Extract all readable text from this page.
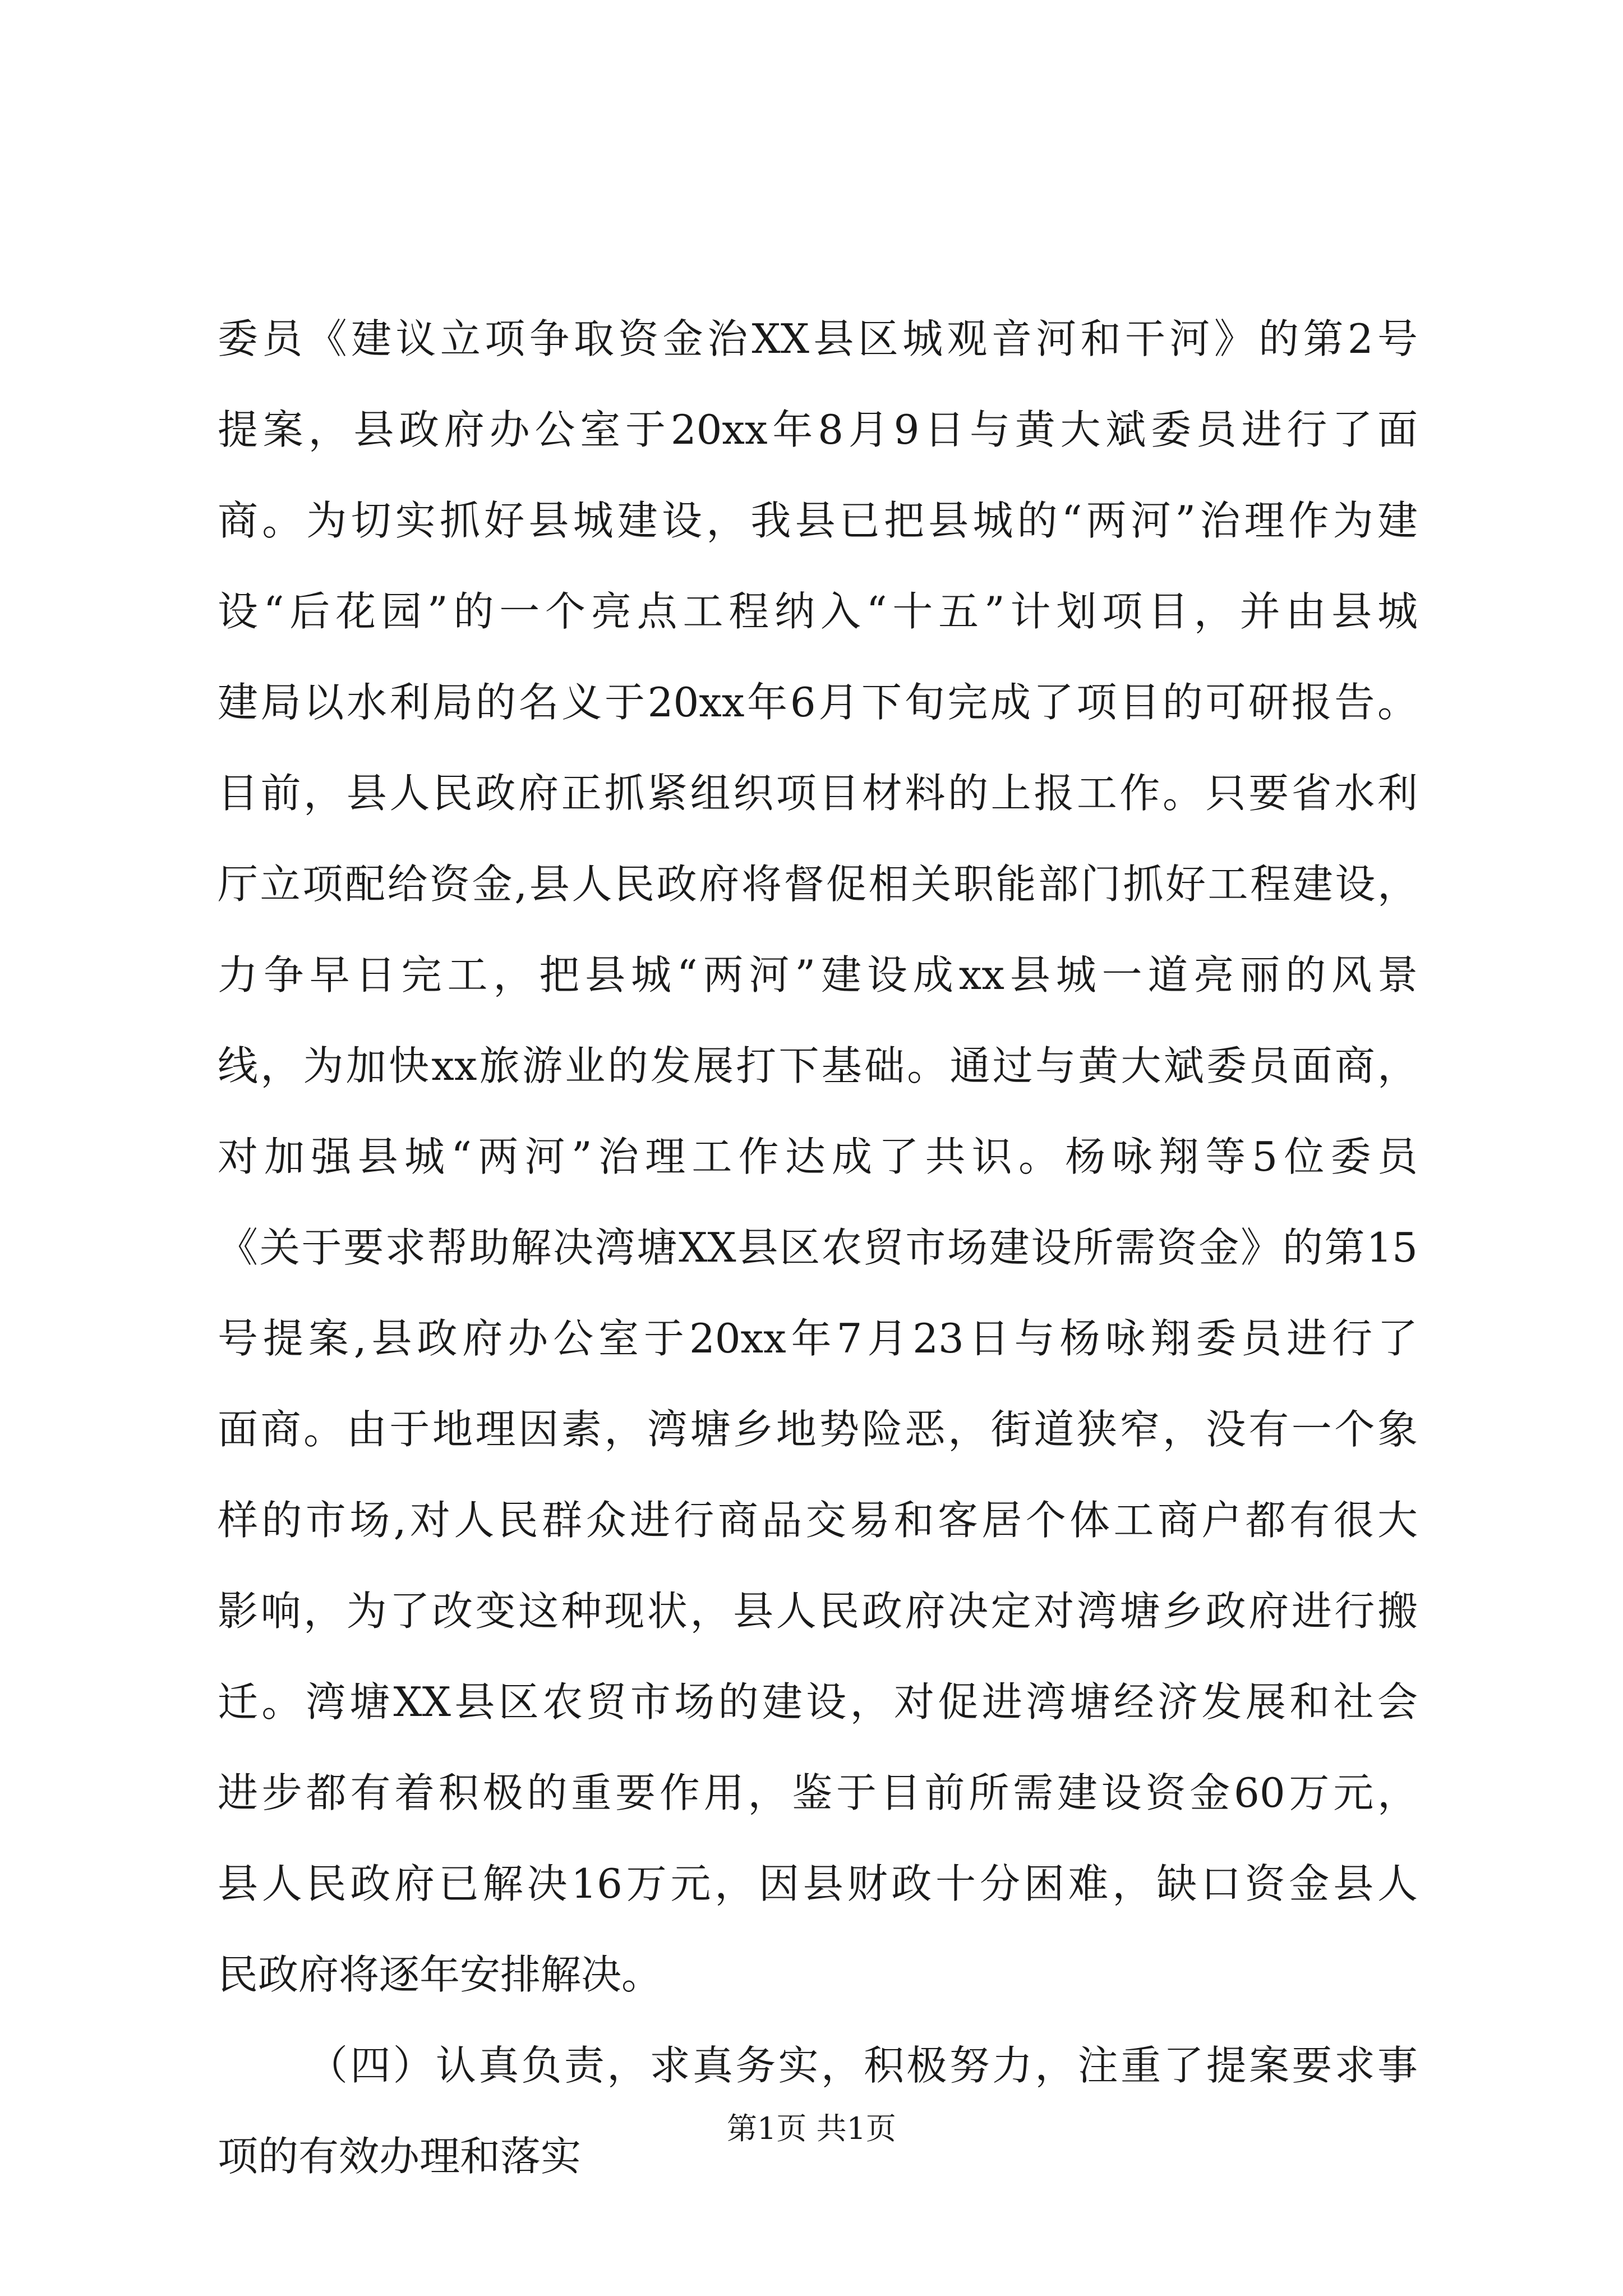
委员《建议立项争取资金治XX县区城观音河和干河》的第2号
提案，县政府办公室于20xx年8月9日与黄大斌委员进行了面
商。为切实抓好县城建设，我县已把县城的“两河”治理作为建
设“后花园”的一个亮点工程纳入“十五”计划项目，并由县城
建局以水利局的名义于20xx年6月下旬完成了项目的可研报告。
目前，县人民政府正抓紧组织项目材料的上报工作。只要省水利
厅立项配给资金,县人民政府将督促相关职能部门抓好工程建设，
力争早日完工，把县城“两河”建设成xx县城一道亮丽的风景
线，为加快xx旅游业的发展打下基础。通过与黄大斌委员面商，
对加强县城“两河”治理工作达成了共识。杨咏翔等5位委员
《关于要求帮助解决湾塘XX县区农贸市场建设所需资金》的第15
号提案,县政府办公室于20xx年7月23日与杨咏翔委员进行了
面商。由于地理因素，湾塘乡地势险恶，街道狭窄，没有一个象
样的市场,对人民群众进行商品交易和客居个体工商户都有很大
影响，为了改变这种现状，县人民政府决定对湾塘乡政府进行搬
迁。湾塘XX县区农贸市场的建设，对促进湾塘经济发展和社会
进步都有着积极的重要作用，鉴于目前所需建设资金60万元，
县人民政府已解决16万元，因县财政十分困难，缺口资金县人
民政府将逐年安排解决。
（四）认真负责，求真务实，积极努力，注重了提案要求事
项的有效办理和落实
第1页 共1页
